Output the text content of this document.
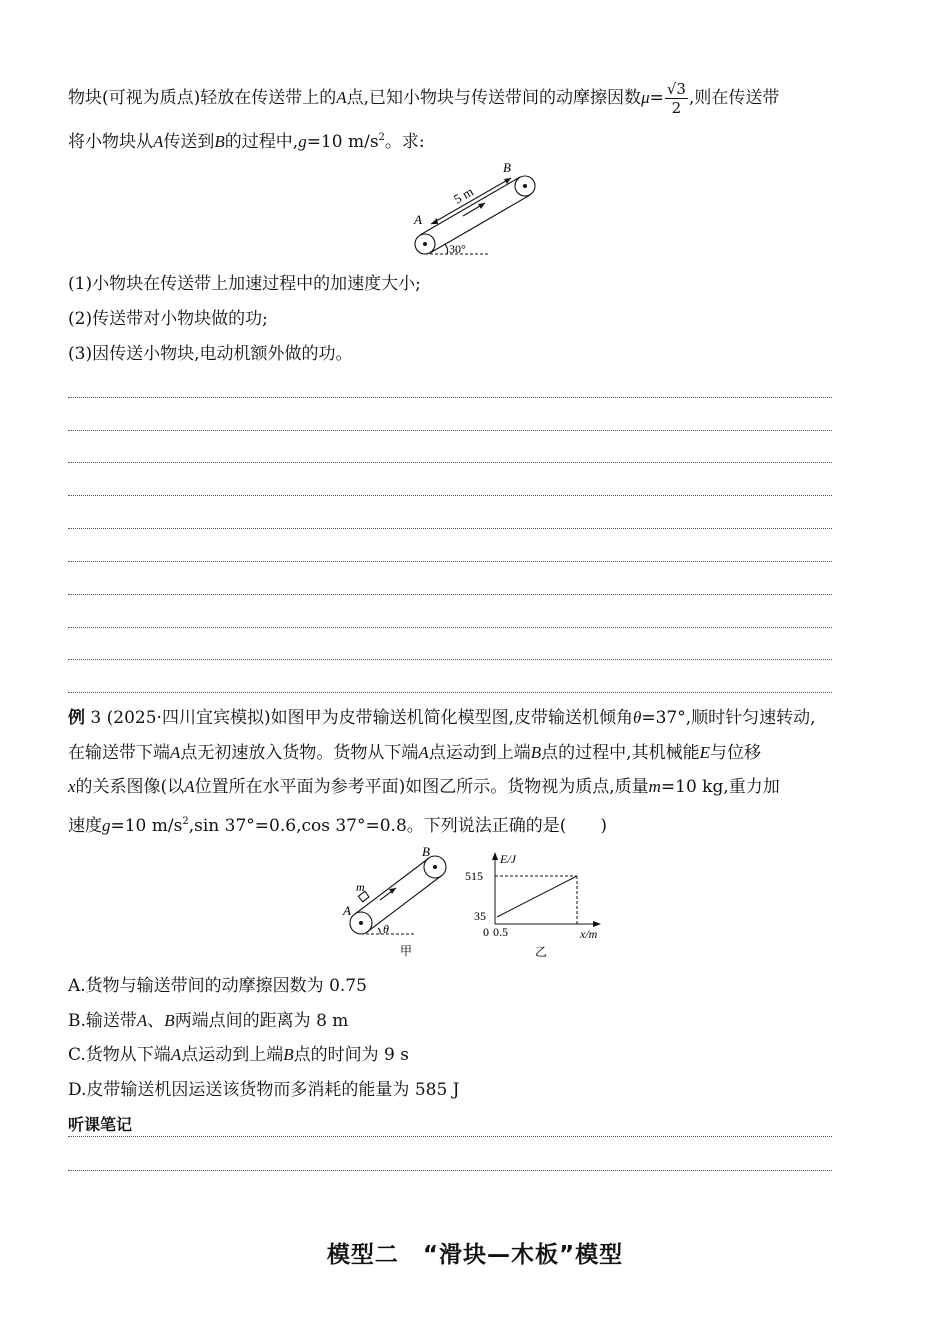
物块(可视为质点)轻放在传送带上的A点,已知小物块与传送带间的动摩擦因数$\mu= \frac{√3}{2}$ ,则在传送带
将小物块从A传送到B的过程中,g=10 $m/s^2$。求:
A
B
5 m
30°
(1)小物块在传送带上加速过程中的加速度大小;
(2)传送带对小物块做的功;
(3)因传送小物块,电动机额外做的功。
例 3 (2025·四川宜宾模拟)如图甲为皮带输送机简化模型图,皮带输送机倾角θ=37°,顺时针匀速转动,
在输送带下端A点无初速放入货物。货物从下端A点运动到上端B点的过程中,其机械能E与位移
x的关系图像(以A位置所在水平面为参考平面)如图乙所示。货物视为质点,质量m=10 kg,重力加
速度g=10 $m/s^2,\sin$ 37°=0.6,cos 37°=0.8。下列说法正确的是(   )
A
B
m
θ
甲
E/J
x/m
515
35
0 0.5
乙
A.货物与输送带间的动摩擦因数为 0.75
B.输送带A、B两端点间的距离为 8 m
C.货物从下端A点运动到上端B点的时间为 9 s
D.皮带输送机因运送该货物而多消耗的能量为 585 J
听课笔记
模型二　“滑块—木板”模型
